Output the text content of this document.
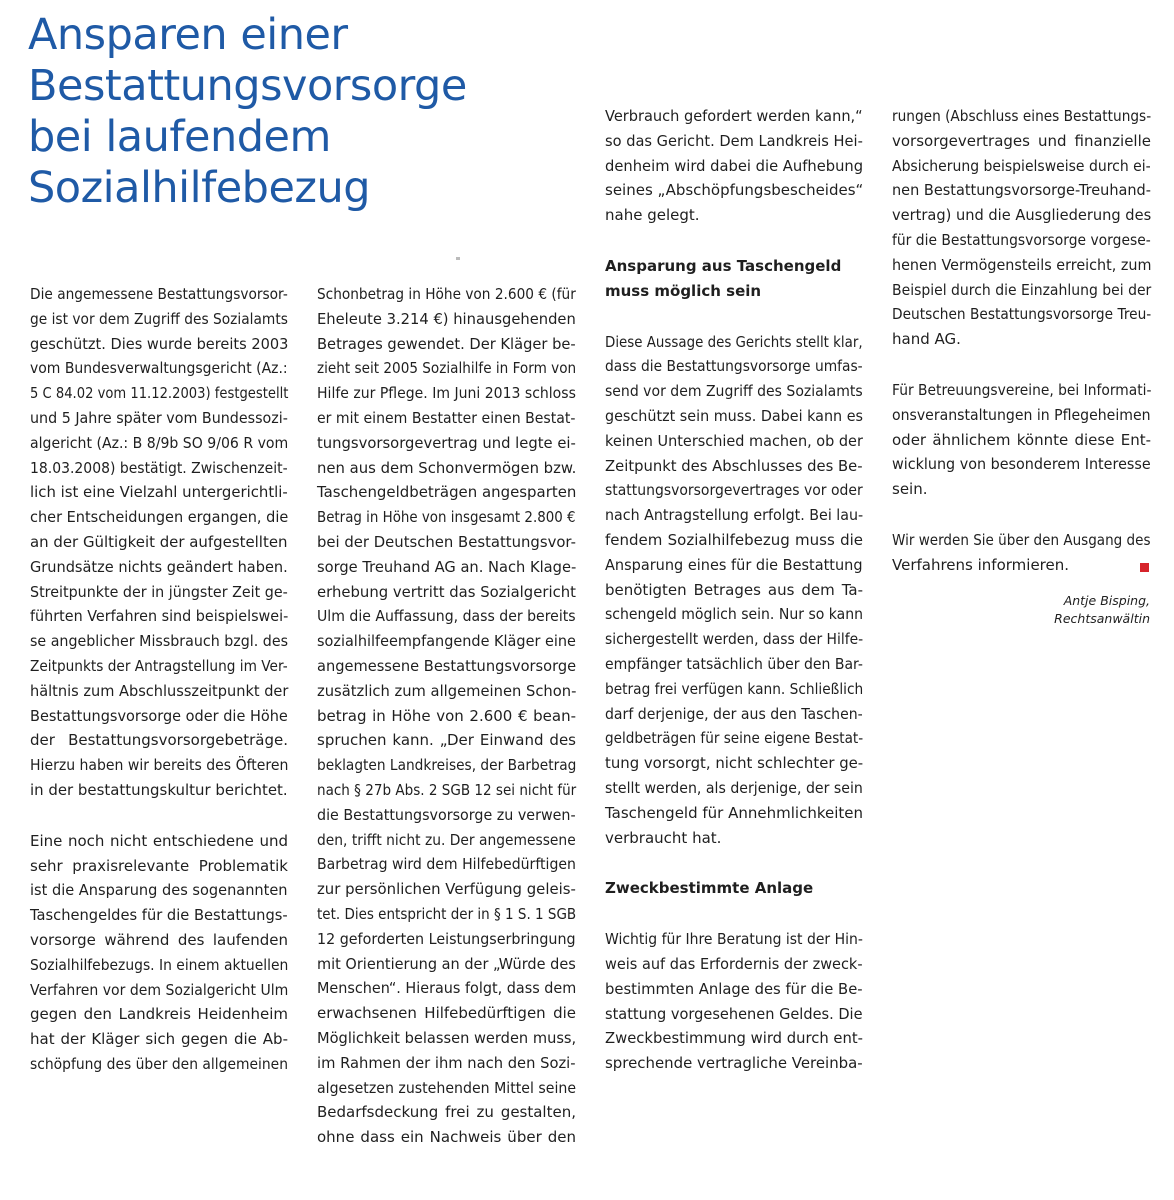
Ansparen einer
Bestattungsvorsorge
bei laufendem
Sozialhilfebezug
Die angemessene Bestattungsvorsor-
ge ist vor dem Zugriff des Sozialamts
geschützt. Dies wurde bereits 2003
vom Bundesverwaltungsgericht (Az.:
5 C 84.02 vom 11.12.2003) festgestellt
und 5 Jahre später vom Bundessozi-
algericht (Az.: B 8/9b SO 9/06 R vom
18.03.2008) bestätigt. Zwischenzeit-
lich ist eine Vielzahl untergerichtli-
cher Entscheidungen ergangen, die
an der Gültigkeit der aufgestellten
Grundsätze nichts geändert haben.
Streitpunkte der in jüngster Zeit ge-
führten Verfahren sind beispielswei-
se angeblicher Missbrauch bzgl. des
Zeitpunkts der Antragstellung im Ver-
hältnis zum Abschlusszeitpunkt der
Bestattungsvorsorge oder die Höhe
der Bestattungsvorsorgebeträge.
Hierzu haben wir bereits des Öfteren
in der bestattungskultur berichtet.
Eine noch nicht entschiedene und
sehr praxisrelevante Problematik
ist die Ansparung des sogenannten
Taschengeldes für die Bestattungs-
vorsorge während des laufenden
Sozialhilfebezugs. In einem aktuellen
Verfahren vor dem Sozialgericht Ulm
gegen den Landkreis Heidenheim
hat der Kläger sich gegen die Ab-
schöpfung des über den allgemeinen
Schonbetrag in Höhe von 2.600 € (für
Eheleute 3.214 €) hinausgehenden
Betrages gewendet. Der Kläger be-
zieht seit 2005 Sozialhilfe in Form von
Hilfe zur Pflege. Im Juni 2013 schloss
er mit einem Bestatter einen Bestat-
tungsvorsorgevertrag und legte ei-
nen aus dem Schonvermögen bzw.
Taschengeldbeträgen angesparten
Betrag in Höhe von insgesamt 2.800 €
bei der Deutschen Bestattungsvor-
sorge Treuhand AG an. Nach Klage-
erhebung vertritt das Sozialgericht
Ulm die Auffassung, dass der bereits
sozialhilfeempfangende Kläger eine
angemessene Bestattungsvorsorge
zusätzlich zum allgemeinen Schon-
betrag in Höhe von 2.600 € bean-
spruchen kann. „Der Einwand des
beklagten Landkreises, der Barbetrag
nach § 27b Abs. 2 SGB 12 sei nicht für
die Bestattungsvorsorge zu verwen-
den, trifft nicht zu. Der angemessene
Barbetrag wird dem Hilfebedürftigen
zur persönlichen Verfügung geleis-
tet. Dies entspricht der in § 1 S. 1 SGB
12 geforderten Leistungserbringung
mit Orientierung an der „Würde des
Menschen“. Hieraus folgt, dass dem
erwachsenen Hilfebedürftigen die
Möglichkeit belassen werden muss,
im Rahmen der ihm nach den Sozi-
algesetzen zustehenden Mittel seine
Bedarfsdeckung frei zu gestalten,
ohne dass ein Nachweis über den
Verbrauch gefordert werden kann,“
so das Gericht. Dem Landkreis Hei-
denheim wird dabei die Aufhebung
seines „Abschöpfungsbescheides“
nahe gelegt.
Ansparung aus Taschengeld
muss möglich sein
Diese Aussage des Gerichts stellt klar,
dass die Bestattungsvorsorge umfas-
send vor dem Zugriff des Sozialamts
geschützt sein muss. Dabei kann es
keinen Unterschied machen, ob der
Zeitpunkt des Abschlusses des Be-
stattungsvorsorgevertrages vor oder
nach Antragstellung erfolgt. Bei lau-
fendem Sozialhilfebezug muss die
Ansparung eines für die Bestattung
benötigten Betrages aus dem Ta-
schengeld möglich sein. Nur so kann
sichergestellt werden, dass der Hilfe-
empfänger tatsächlich über den Bar-
betrag frei verfügen kann. Schließlich
darf derjenige, der aus den Taschen-
geldbeträgen für seine eigene Bestat-
tung vorsorgt, nicht schlechter ge-
stellt werden, als derjenige, der sein
Taschengeld für Annehmlichkeiten
verbraucht hat.
Zweckbestimmte Anlage
Wichtig für Ihre Beratung ist der Hin-
weis auf das Erfordernis der zweck-
bestimmten Anlage des für die Be-
stattung vorgesehenen Geldes. Die
Zweckbestimmung wird durch ent-
sprechende vertragliche Vereinba-
rungen (Abschluss eines Bestattungs-
vorsorgevertrages und finanzielle
Absicherung beispielsweise durch ei-
nen Bestattungsvorsorge-Treuhand-
vertrag) und die Ausgliederung des
für die Bestattungsvorsorge vorgese-
henen Vermögensteils erreicht, zum
Beispiel durch die Einzahlung bei der
Deutschen Bestattungsvorsorge Treu-
hand AG.
Für Betreuungsvereine, bei Informati-
onsveranstaltungen in Pflegeheimen
oder ähnlichem könnte diese Ent-
wicklung von besonderem Interesse
sein.
Wir werden Sie über den Ausgang des
Verfahrens informieren.
Antje Bisping,
Rechtsanwältin
